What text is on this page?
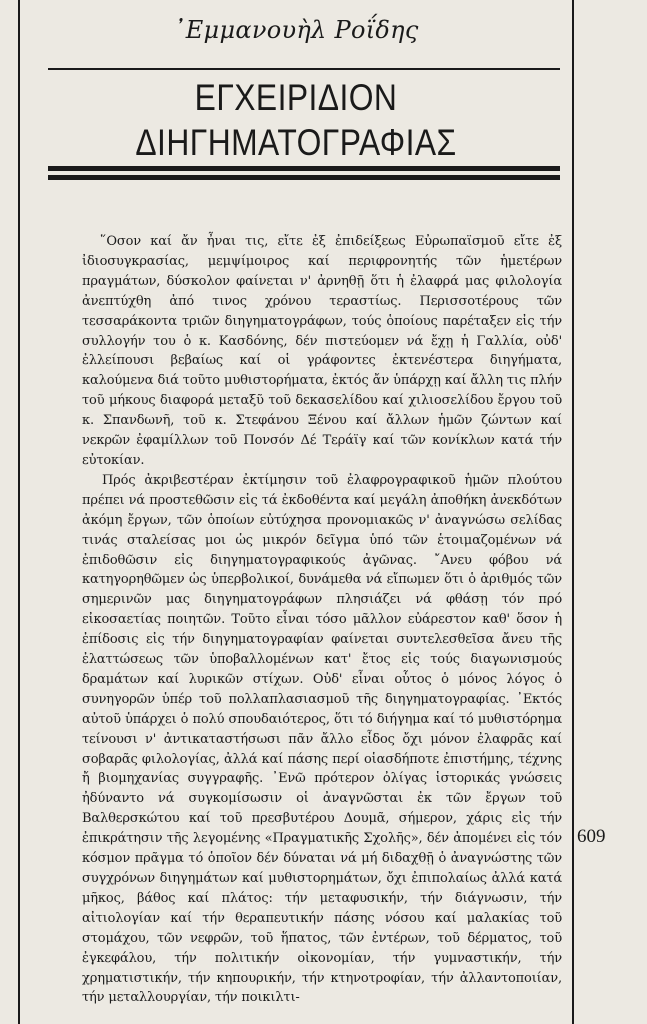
᾿Εμμανουὴλ Ροΐδης
ΕΓΧΕΙΡΙΔΙΟΝ
ΔΙΗΓΗΜΑΤΟΓΡΑΦΙΑΣ

῞Οσον καί ἄν ἦναι τις, εἴτε ἐξ ἐπιδείξεως Εὐρωπαϊσμοῦ εἴτε ἐξ ἰδιοσυγκρασίας, μεμψίμοιρος καί περιφρονητής τῶν ἡμετέρων πραγμάτων, δύσκολον φαίνεται ν' ἀρνηθῇ ὅτι ἡ ἐλαφρά μας φιλολογία ἀνεπτύχθη ἀπό τινος χρόνου τεραστίως. Περισσοτέρους τῶν τεσσαράκοντα τριῶν διηγηματογράφων, τούς ὁποίους παρέταξεν εἰς τήν συλλογήν του ὁ κ. Κασδόνης, δέν πιστεύομεν νά ἔχῃ ἡ Γαλλία, οὐδ' ἐλλείπουσι βεβαίως καί οἱ γράφοντες ἐκτενέστερα διηγήματα, καλούμενα διά τοῦτο μυθιστορήματα, ἐκτός ἄν ὑπάρχῃ καί ἄλλη τις πλήν τοῦ μήκους διαφορά μεταξῦ τοῦ δεκασελίδου καί χιλιοσελίδου ἔργου τοῦ κ. Σπανδωνῆ, τοῦ κ. Στεφάνου Ξένου καί ἄλλων ἡμῶν ζώντων καί νεκρῶν ἐφαμίλλων τοῦ Πονσόν Δέ Τεράϊγ καί τῶν κονίκλων κατά τήν εὐτοκίαν.

Πρός ἀκριβεστέραν ἐκτίμησιν τοῦ ἐλαφρογραφικοῦ ἡμῶν πλούτου πρέπει νά προστεθῶσιν εἰς τά ἐκδοθέντα καί μεγάλη ἀποθήκη ἀνεκδότων ἀκόμη ἔργων, τῶν ὁποίων εὐτύχησα προνομιακῶς ν' ἀναγνώσω σελίδας τινάς σταλείσας μοι ὡς μικρόν δεῖγμα ὑπό τῶν ἑτοιμαζομένων νά ἐπιδοθῶσιν εἰς διηγηματογραφικούς ἀγῶνας. ῎Ανευ φόβου νά κατηγορηθῶμεν ὡς ὑπερβολικοί, δυνάμεθα νά εἴπωμεν ὅτι ὁ ἀριθμός τῶν σημερινῶν μας διηγηματογράφων πλησιάζει νά φθάσῃ τόν πρό εἰκοσαετίας ποιητῶν. Τοῦτο εἶναι τόσο μᾶλλον εὐάρεστον καθ' ὅσον ἡ ἐπίδοσις εἰς τήν διηγηματογραφίαν φαίνεται συντελεσθεῖσα ἄνευ τῆς ἐλαττώσεως τῶν ὑποβαλλομένων κατ' ἔτος εἰς τούς διαγωνισμούς δραμάτων καί λυρικῶν στίχων. Οὐδ' εἶναι οὗτος ὁ μόνος λόγος ὁ συνηγορῶν ὑπέρ τοῦ πολλαπλασιασμοῦ τῆς διηγηματογραφίας. ᾿Εκτός αὐτοῦ ὑπάρχει ὁ πολύ σπουδαιότερος, ὅτι τό διήγημα καί τό μυθιστόρημα τείνουσι ν' ἀντικαταστήσωσι πᾶν ἄλλο εἶδος ὄχι μόνον ἐλαφρᾶς καί σοβαρᾶς φιλολογίας, ἀλλά καί πάσης περί οἱασδήποτε ἐπιστήμης, τέχνης ἤ βιομηχανίας συγγραφῆς. ᾿Ενῶ πρότερον ὀλίγας ἱστορικάς γνώσεις ἠδύναντο νά συγκομίσωσιν οἱ ἀναγνῶσται ἐκ τῶν ἔργων τοῦ Βαλθερσκώτου καί τοῦ πρεσβυτέρου Δουμᾶ, σήμερον, χάρις εἰς τήν ἐπικράτησιν τῆς λεγομένης «Πραγματικῆς Σχολῆς», δέν ἀπομένει εἰς τόν κόσμον πρᾶγμα τό ὁποῖον δέν δύναται νά μή διδαχθῇ ὁ ἀναγνώστης τῶν συγχρόνων διηγημάτων καί μυθιστορημάτων, ὄχι ἐπιπολαίως ἀλλά κατά μῆκος, βάθος καί πλάτος: τήν μεταφυσικήν, τήν διάγνωσιν, τήν αἰτιολογίαν καί τήν θεραπευτικήν πάσης νόσου καί μαλακίας τοῦ στομάχου, τῶν νεφρῶν, τοῦ ἥπατος, τῶν ἐντέρων, τοῦ δέρματος, τοῦ ἐγκεφάλου, τήν πολιτικήν οἰκονομίαν, τήν γυμναστικήν, τήν χρηματιστικήν, τήν κηπουρικήν, τήν κτηνοτροφίαν, τήν ἀλλαντοποιίαν, τήν μεταλλουργίαν, τήν ποικιλτι-

609
